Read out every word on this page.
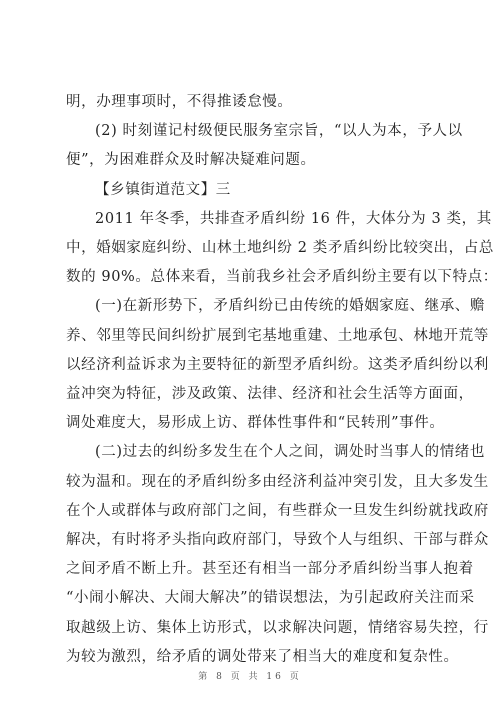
明，办理事项时，不得推诿怠慢。
(2) 时刻谨记村级便民服务室宗旨，“以人为本，予人以
便”，为困难群众及时解决疑难问题。
【乡镇街道范文】三
2011 年冬季，共排查矛盾纠纷 16 件，大体分为 3 类，其
中，婚姻家庭纠纷、山林土地纠纷 2 类矛盾纠纷比较突出，占总
数的 90%。总体来看，当前我乡社会矛盾纠纷主要有以下特点：
(一)在新形势下，矛盾纠纷已由传统的婚姻家庭、继承、赡
养、邻里等民间纠纷扩展到宅基地重建、土地承包、林地开荒等
以经济利益诉求为主要特征的新型矛盾纠纷。这类矛盾纠纷以利
益冲突为特征，涉及政策、法律、经济和社会生活等方面面，
调处难度大，易形成上访、群体性事件和“民转刑”事件。
(二)过去的纠纷多发生在个人之间，调处时当事人的情绪也
较为温和。现在的矛盾纠纷多由经济利益冲突引发，且大多发生
在个人或群体与政府部门之间，有些群众一旦发生纠纷就找政府
解决，有时将矛头指向政府部门，导致个人与组织、干部与群众
之间矛盾不断上升。甚至还有相当一部分矛盾纠纷当事人抱着
“小闹小解决、大闹大解决”的错误想法，为引起政府关注而采
取越级上访、集体上访形式，以求解决问题，情绪容易失控，行
为较为激烈，给矛盾的调处带来了相当大的难度和复杂性。
第 8 页 共 16 页
